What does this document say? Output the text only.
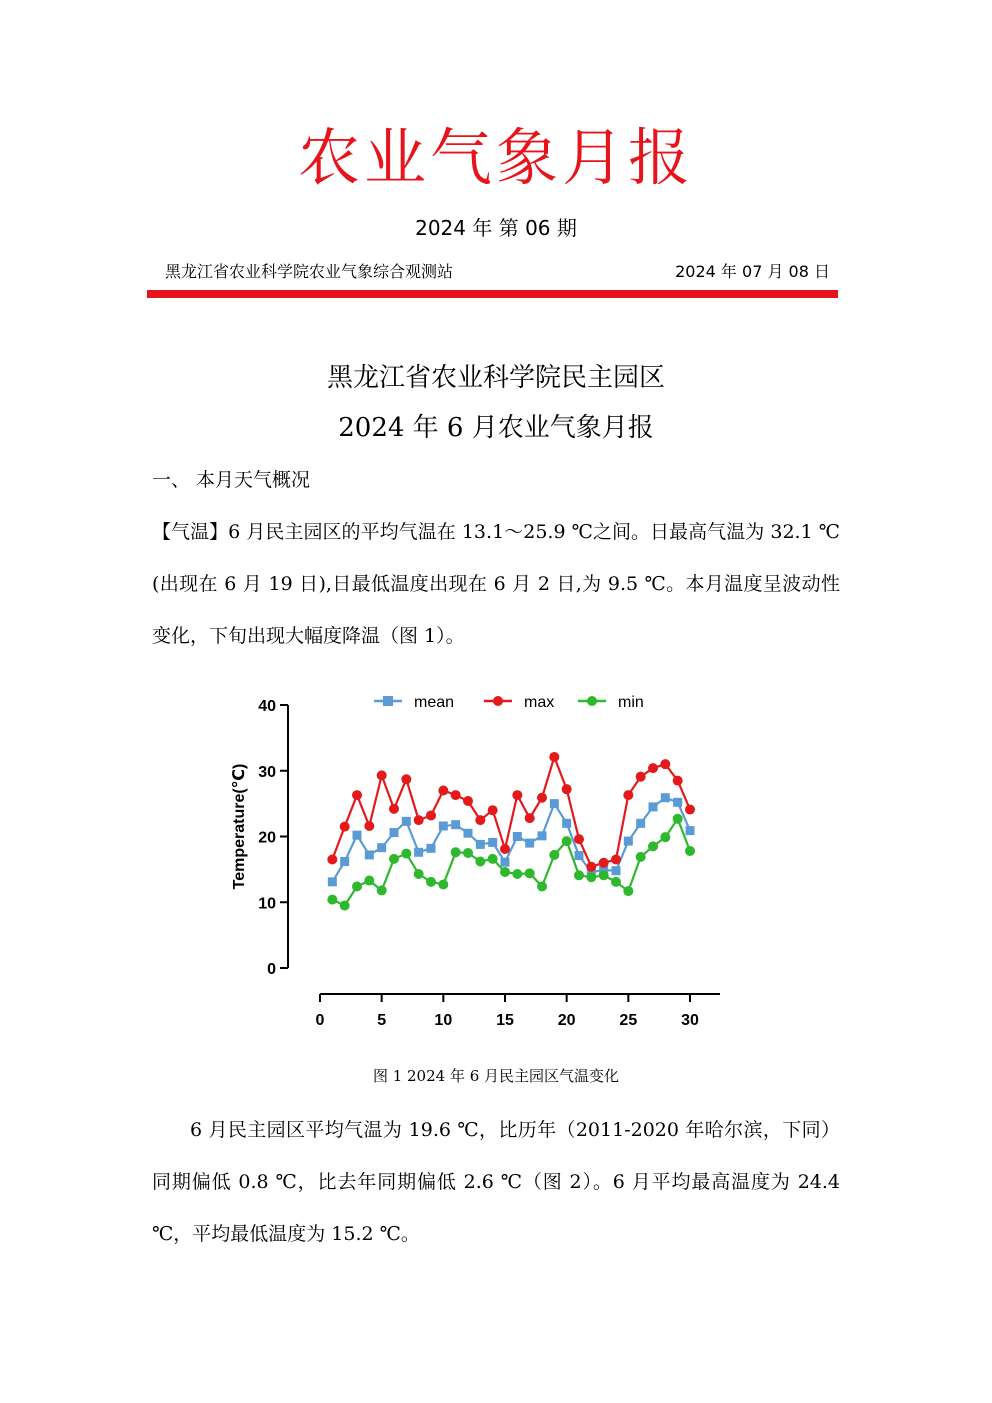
农业气象月报
2024 年 第 06 期
黑龙江省农业科学院农业气象综合观测站	2024 年 07 月 08 日
黑龙江省农业科学院民主园区
2024 年 6 月农业气象月报
一、 本月天气概况
【气温】6 月民主园区的平均气温在 13.1～25.9 ℃之间。日最高气温为 32.1 ℃(出现在 6 月 19 日),日最低温度出现在 6 月 2 日,为 9.5 ℃。本月温度呈波动性变化，下旬出现大幅度降温（图 1）。
0
10
20
30
40
Temperature(℃)
0	5	10	15	20	25	30
mean	max	min
图 1 2024 年 6 月民主园区气温变化
6 月民主园区平均气温为 19.6 ℃，比历年（2011-2020 年哈尔滨，下同）同期偏低 0.8 ℃，比去年同期偏低 2.6 ℃（图 2）。6 月平均最高温度为 24.4 ℃，平均最低温度为 15.2 ℃。
